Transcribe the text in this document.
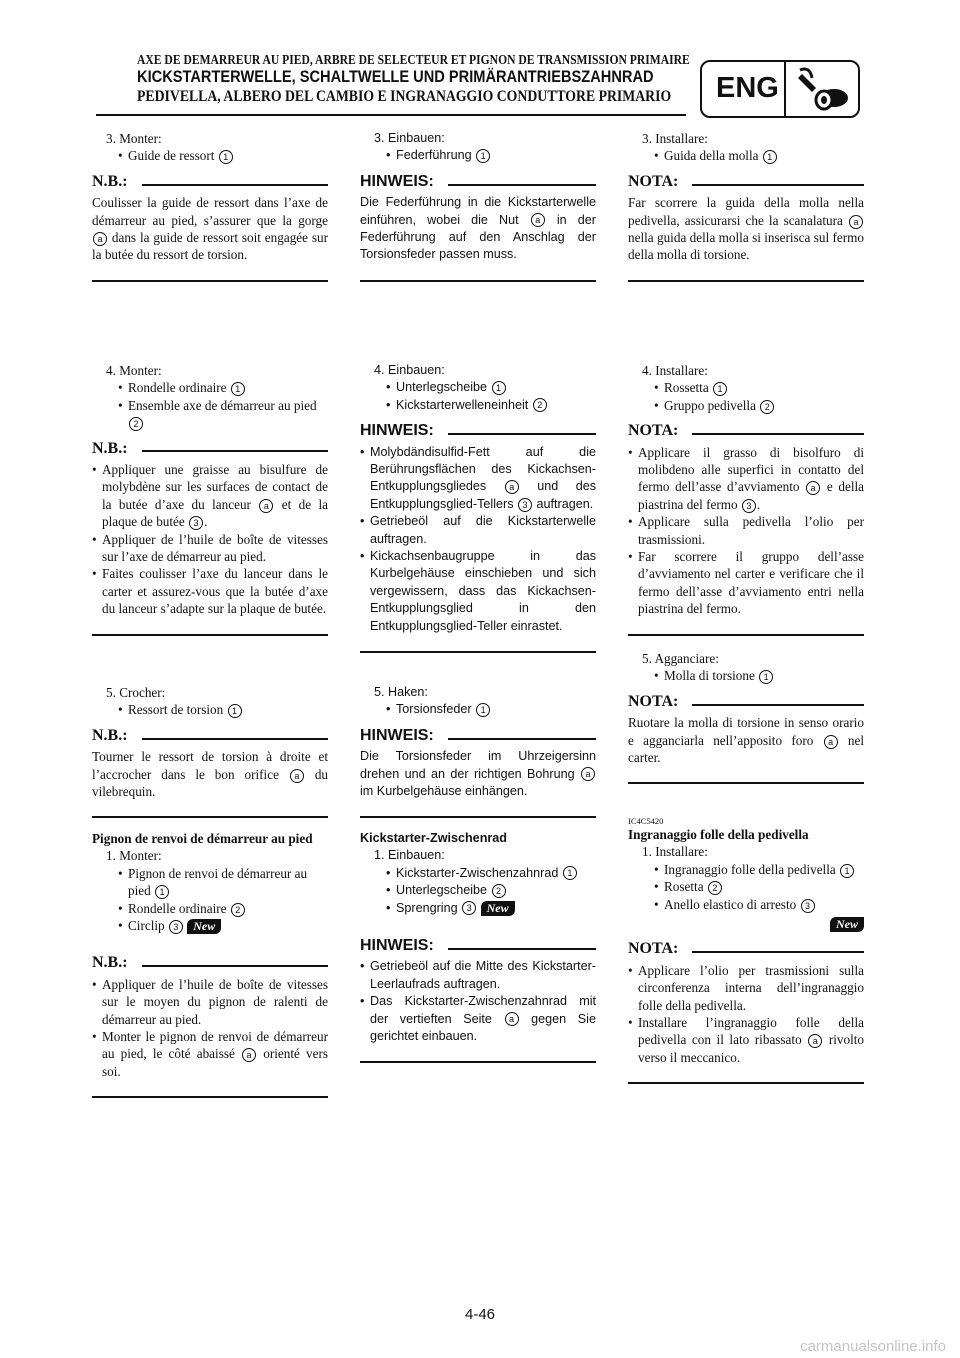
AXE DE DEMARREUR AU PIED, ARBRE DE SELECTEUR ET PIGNON DE TRANSMISSION PRIMAIRE
KICKSTARTERWELLE, SCHALTWELLE UND PRIMÄRANTRIEBSZAHNRAD
PEDIVELLA, ALBERO DEL CAMBIO E INGRANAGGIO CONDUTTORE PRIMARIO ENG
3. Monter:
• Guide de ressort 1
N.B.:
Coulisser la guide de ressort dans l’axe de démarreur au pied, s’assurer que la gorge a dans la guide de ressort soit engagée sur la butée du ressort de torsion.
4. Monter:
• Rondelle ordinaire 1
• Ensemble axe de démarreur au pied 2
N.B.:
• Appliquer une graisse au bisulfure de molybdène sur les surfaces de contact de la butée d’axe du lanceur a et de la plaque de butée 3 .
• Appliquer de l’huile de boîte de vitesses sur l’axe de démarreur au pied.
• Faites coulisser l’axe du lanceur dans le carter et assurez-vous que la butée d’axe du lanceur s’adapte sur la plaque de butée.
5. Crocher:
• Ressort de torsion 1
N.B.:
Tourner le ressort de torsion à droite et l’accrocher dans le bon orifice a du vilebrequin.
Pignon de renvoi de démarreur au pied
1. Monter:
• Pignon de renvoi de démarreur au pied 1
• Rondelle ordinaire 2
• Circlip 3 New
N.B.:
• Appliquer de l’huile de boîte de vitesses sur le moyen du pignon de ralenti de démarreur au pied.
• Monter le pignon de renvoi de démarreur au pied, le côté abaissé a orienté vers soi.
3. Einbauen:
• Federführung 1
HINWEIS:
Die Federführung in die Kickstarterwelle einführen, wobei die Nut a in der Federführung auf den Anschlag der Torsionsfeder passen muss.
4. Einbauen:
• Unterlegscheibe 1
• Kickstarterwelleneinheit 2
HINWEIS:
• Molybdändisulfid-Fett auf die Berührungsflächen des Kickachsen-Entkupplungsgliedes	a und des Entkupplungsglied-Tellers 3 auftragen.
• Getriebeöl auf die Kickstarterwelle auftragen.
• Kickachsenbaugruppe in das Kurbelgehäuse einschieben und sich vergewissern, dass das Kickachsen-Entkupplungsglied in den Entkupplungsglied-Teller einrastet.
5. Haken:
• Torsionsfeder 1
HINWEIS:
Die Torsionsfeder im Uhrzeigersinn drehen und an der richtigen Bohrung a im Kurbelgehäuse einhängen.
Kickstarter-Zwischenrad
1. Einbauen:
• Kickstarter-Zwischenzahnrad 1
• Unterlegscheibe 2
• Sprengring 3 New
HINWEIS:
• Getriebeöl auf die Mitte des Kickstarter-Leerlaufrads auftragen.
• Das Kickstarter-Zwischenzahnrad mit der vertieften Seite a gegen Sie gerichtet einbauen.
3. Installare:
• Guida della molla 1
NOTA:
Far scorrere la guida della molla nella pedivella, assicurarsi che la scanalatura a nella guida della molla si inserisca sul fermo della molla di torsione.
4. Installare:
• Rossetta 1
• Gruppo pedivella 2
NOTA:
• Applicare il grasso di bisolfuro di molibdeno alle superfici in contatto del fermo dell’asse d’avviamento a e della piastrina del fermo 3 .
• Applicare sulla pedivella l’olio per trasmissioni.
• Far scorrere il gruppo dell’asse d’avviamento nel carter e verificare che il fermo dell’asse d’avviamento entri nella piastrina del fermo.
5. Agganciare:
• Molla di torsione 1
NOTA:
Ruotare la molla di torsione in senso orario e agganciarla nell’apposito foro a nel carter.
IC4C5420
Ingranaggio folle della pedivella
1. Installare:
• Ingranaggio folle della pedivella 1
• Rosetta 2
• Anello elastico di arresto 3
New
NOTA:
• Applicare l’olio per trasmissioni sulla circonferenza interna dell’ingranaggio folle della pedivella.
• Installare l’ingranaggio folle della pedivella con il lato ribassato a rivolto verso il meccanico.
4-46
carmanualsonline.info
